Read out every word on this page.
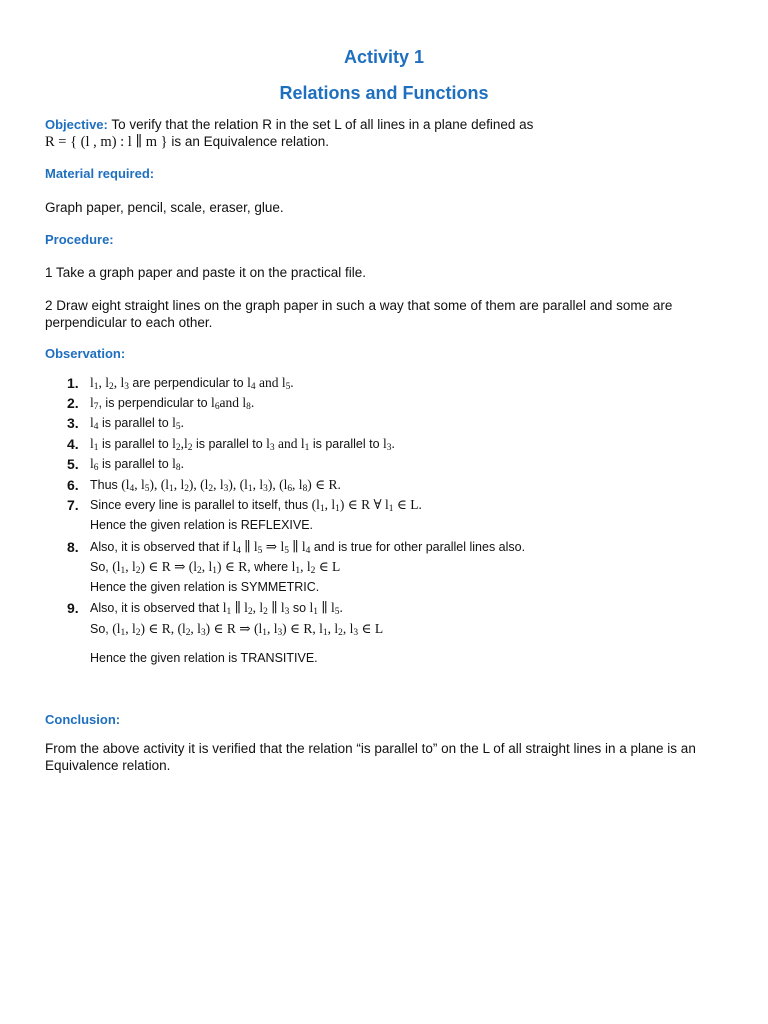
Activity 1
Relations and Functions
Objective: To verify that the relation R in the set L of all lines in a plane defined as
R = { (l , m) : l ∥ m } is an Equivalence relation.
Material required:
Graph paper, pencil, scale, eraser, glue.
Procedure:
1 Take a graph paper and paste it on the practical file.
2 Draw eight straight lines on the graph paper in such a way that some of them are parallel and some are perpendicular to each other.
Observation:
1. $l_1$, $l_2$, $l_3$ are perpendicular to $l_4$ and $l_5$.
2. $l_7$, is perpendicular to $l_6and$ $l_8$.
3. $l_4$ is parallel to $l_5$.
4. $l_1$ is parallel to $l_2,l_2$ is parallel to $l_3$ and $l_1$ is parallel to $l_3$.
5. $l_6$ is parallel to $l_8$.
6. Thus ($l_4$, $l_5$), ($l_1$, $l_2$), ($l_2$, $l_3$), ($l_1$, $l_3$), ($l_6$, $l_8$) ∈ R.
7. Since every line is parallel to itself, thus ($l_1$, $l_1$) ∈ R ∀ $l_1$ ∈ L.
Hence the given relation is REFLEXIVE.
8. Also, it is observed that if $l_4$ ∥ $l_5$ ⇒ $l_5$ ∥ $l_4$ and is true for other parallel lines also.
So, ($l_1$, $l_2$) ∈ R ⇒ ($l_2$, $l_1$) ∈ R, where $l_1$, $l_2$ ∈ L
Hence the given relation is SYMMETRIC.
9. Also, it is observed that $l_1$ ∥ $l_2$, $l_2$ ∥ $l_3$ so $l_1$ ∥ $l_5$.
So, ($l_1$, $l_2$) ∈ R, ($l_2$, $l_3$) ∈ R ⇒ ($l_1$, $l_3$) ∈ R, $l_1$, $l_2$, $l_3$ ∈ L
Hence the given relation is TRANSITIVE.
Conclusion:
From the above activity it is verified that the relation “is parallel to” on the L of all straight lines in a plane is an Equivalence relation.
